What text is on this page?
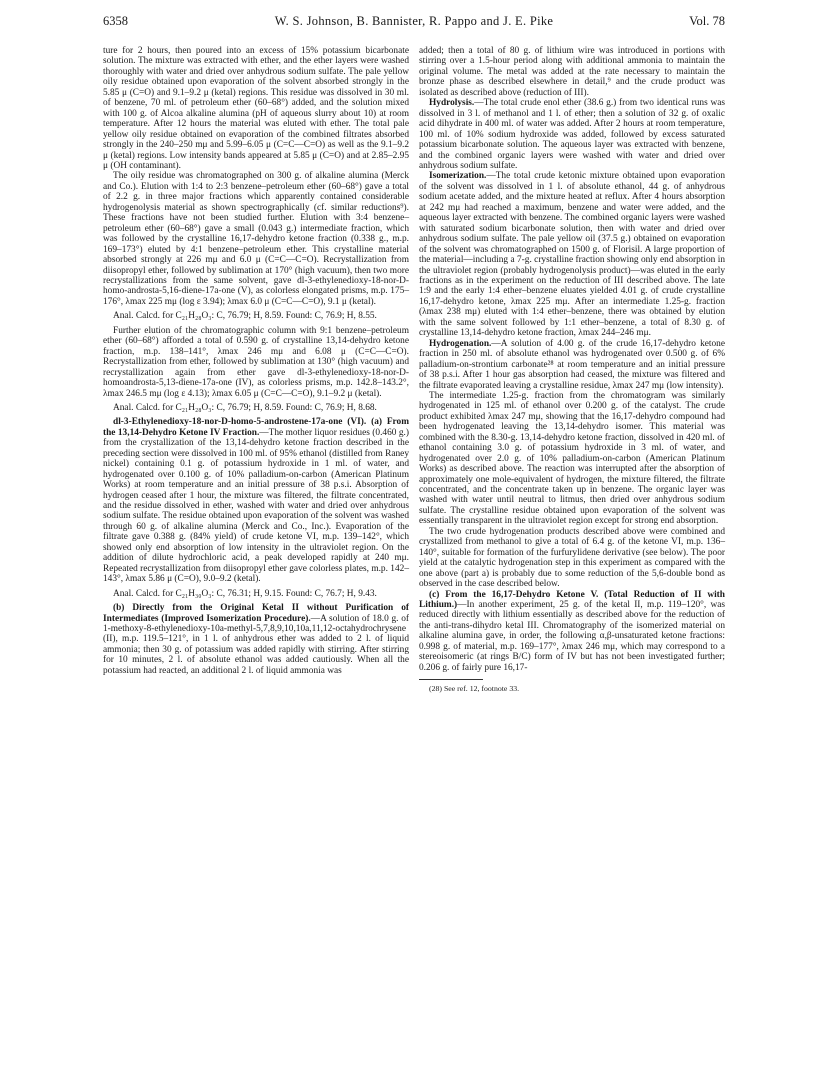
6358	W. S. Johnson, B. Bannister, R. Pappo and J. E. Pike	Vol. 78

ture for 2 hours, then poured into an excess of 15% potassium bicarbonate solution. The mixture was extracted with ether, and the ether layers were washed thoroughly with water and dried over anhydrous sodium sulfate. The pale yellow oily residue obtained upon evaporation of the solvent absorbed strongly in the 5.85 μ (C=O) and 9.1–9.2 μ (ketal) regions. This residue was dissolved in 30 ml. of benzene, 70 ml. of petroleum ether (60–68°) added, and the solution mixed with 100 g. of Alcoa alkaline alumina (pH of aqueous slurry about 10) at room temperature. After 12 hours the material was eluted with ether. The total pale yellow oily residue obtained on evaporation of the combined filtrates absorbed strongly in the 240–250 mμ and 5.99–6.05 μ (C=C—C=O) as well as the 9.1–9.2 μ (ketal) regions. Low intensity bands appeared at 5.85 μ (C=O) and at 2.85–2.95 μ (OH contaminant).

The oily residue was chromatographed on 300 g. of alkaline alumina (Merck and Co.). Elution with 1:4 to 2:3 benzene–petroleum ether (60–68°) gave a total of 2.2 g. in three major fractions which apparently contained considerable hydrogenolysis material as shown spectrographically (cf. similar reductions⁹). These fractions have not been studied further. Elution with 3:4 benzene–petroleum ether (60–68°) gave a small (0.043 g.) intermediate fraction, which was followed by the crystalline 16,17-dehydro ketone fraction (0.338 g., m.p. 169–173°) eluted by 4:1 benzene–petroleum ether. This crystalline material absorbed strongly at 226 mμ and 6.0 μ (C=C—C=O). Recrystallization from diisopropyl ether, followed by sublimation at 170° (high vacuum), then two more recrystallizations from the same solvent, gave dl-3-ethylenedioxy-18-nor-D-homo-androsta-5,16-diene-17a-one (V), as colorless elongated prisms, m.p. 175–176°, λmax 225 mμ (log ε 3.94); λmax 6.0 μ (C=C—C=O), 9.1 μ (ketal).

Anal. Calcd. for C₂₁H₂₈O₃: C, 76.79; H, 8.59. Found: C, 76.9; H, 8.55.

Further elution of the chromatographic column with 9:1 benzene–petroleum ether (60–68°) afforded a total of 0.590 g. of crystalline 13,14-dehydro ketone fraction, m.p. 138–141°, λmax 246 mμ and 6.08 μ (C=C—C=O). Recrystallization from ether, followed by sublimation at 130° (high vacuum) and recrystallization again from ether gave dl-3-ethylenedioxy-18-nor-D-homoandrosta-5,13-diene-17a-one (IV), as colorless prisms, m.p. 142.8–143.2°, λmax 246.5 mμ (log ε 4.13); λmax 6.05 μ (C=C—C=O), 9.1–9.2 μ (ketal).

Anal. Calcd. for C₂₁H₂₈O₃: C, 76.79; H, 8.59. Found: C, 76.9; H, 8.68.

dl-3-Ethylenedioxy-18-nor-D-homo-5-androstene-17a-one (VI). (a) From the 13,14-Dehydro Ketone IV Fraction.—The mother liquor residues (0.460 g.) from the crystallization of the 13,14-dehydro ketone fraction described in the preceding section were dissolved in 100 ml. of 95% ethanol (distilled from Raney nickel) containing 0.1 g. of potassium hydroxide in 1 ml. of water, and hydrogenated over 0.100 g. of 10% palladium-on-carbon (American Platinum Works) at room temperature and an initial pressure of 38 p.s.i. Absorption of hydrogen ceased after 1 hour, the mixture was filtered, the filtrate concentrated, and the residue dissolved in ether, washed with water and dried over anhydrous sodium sulfate. The residue obtained upon evaporation of the solvent was washed through 60 g. of alkaline alumina (Merck and Co., Inc.). Evaporation of the filtrate gave 0.388 g. (84% yield) of crude ketone VI, m.p. 139–142°, which showed only end absorption of low intensity in the ultraviolet region. On the addition of dilute hydrochloric acid, a peak developed rapidly at 240 mμ. Repeated recrystallization from diisopropyl ether gave colorless plates, m.p. 142–143°, λmax 5.86 μ (C=O), 9.0–9.2 (ketal).

Anal. Calcd. for C₂₁H₃₀O₃: C, 76.31; H, 9.15. Found: C, 76.7; H, 9.43.

(b) Directly from the Original Ketal II without Purification of Intermediates (Improved Isomerization Procedure).—A solution of 18.0 g. of 1-methoxy-8-ethylenedioxy-10a-methyl-5,7,8,9,10,10a,11,12-octahydrochrysene (II), m.p. 119.5–121°, in 1 l. of anhydrous ether was added to 2 l. of liquid ammonia; then 30 g. of potassium was added rapidly with stirring. After stirring for 10 minutes, 2 l. of absolute ethanol was added cautiously. When all the potassium had reacted, an additional 2 l. of liquid ammonia was

added; then a total of 80 g. of lithium wire was introduced in portions with stirring over a 1.5-hour period along with additional ammonia to maintain the original volume. The metal was added at the rate necessary to maintain the bronze phase as described elsewhere in detail,⁹ and the crude product was isolated as described above (reduction of III).

Hydrolysis.—The total crude enol ether (38.6 g.) from two identical runs was dissolved in 3 l. of methanol and 1 l. of ether; then a solution of 32 g. of oxalic acid dihydrate in 400 ml. of water was added. After 2 hours at room temperature, 100 ml. of 10% sodium hydroxide was added, followed by excess saturated potassium bicarbonate solution. The aqueous layer was extracted with benzene, and the combined organic layers were washed with water and dried over anhydrous sodium sulfate.

Isomerization.—The total crude ketonic mixture obtained upon evaporation of the solvent was dissolved in 1 l. of absolute ethanol, 44 g. of anhydrous sodium acetate added, and the mixture heated at reflux. After 4 hours absorption at 242 mμ had reached a maximum, benzene and water were added, and the aqueous layer extracted with benzene. The combined organic layers were washed with saturated sodium bicarbonate solution, then with water and dried over anhydrous sodium sulfate. The pale yellow oil (37.5 g.) obtained on evaporation of the solvent was chromatographed on 1500 g. of Florisil. A large proportion of the material—including a 7-g. crystalline fraction showing only end absorption in the ultraviolet region (probably hydrogenolysis product)—was eluted in the early fractions as in the experiment on the reduction of III described above. The late 1:9 and the early 1:4 ether–benzene eluates yielded 4.01 g. of crude crystalline 16,17-dehydro ketone, λmax 225 mμ. After an intermediate 1.25-g. fraction (λmax 238 mμ) eluted with 1:4 ether–benzene, there was obtained by elution with the same solvent followed by 1:1 ether–benzene, a total of 8.30 g. of crystalline 13,14-dehydro ketone fraction, λmax 244–246 mμ.

Hydrogenation.—A solution of 4.00 g. of the crude 16,17-dehydro ketone fraction in 250 ml. of absolute ethanol was hydrogenated over 0.500 g. of 6% palladium-on-strontium carbonate²⁸ at room temperature and an initial pressure of 38 p.s.i. After 1 hour gas absorption had ceased, the mixture was filtered and the filtrate evaporated leaving a crystalline residue, λmax 247 mμ (low intensity).

The intermediate 1.25-g. fraction from the chromatogram was similarly hydrogenated in 125 ml. of ethanol over 0.200 g. of the catalyst. The crude product exhibited λmax 247 mμ, showing that the 16,17-dehydro compound had been hydrogenated leaving the 13,14-dehydro isomer. This material was combined with the 8.30-g. 13,14-dehydro ketone fraction, dissolved in 420 ml. of ethanol containing 3.0 g. of potassium hydroxide in 3 ml. of water, and hydrogenated over 2.0 g. of 10% palladium-on-carbon (American Platinum Works) as described above. The reaction was interrupted after the absorption of approximately one mole-equivalent of hydrogen, the mixture filtered, the filtrate concentrated, and the concentrate taken up in benzene. The organic layer was washed with water until neutral to litmus, then dried over anhydrous sodium sulfate. The crystalline residue obtained upon evaporation of the solvent was essentially transparent in the ultraviolet region except for strong end absorption.

The two crude hydrogenation products described above were combined and crystallized from methanol to give a total of 6.4 g. of the ketone VI, m.p. 136–140°, suitable for formation of the furfurylidene derivative (see below). The poor yield at the catalytic hydrogenation step in this experiment as compared with the one above (part a) is probably due to some reduction of the 5,6-double bond as observed in the case described below.

(c) From the 16,17-Dehydro Ketone V. (Total Reduction of II with Lithium.)—In another experiment, 25 g. of the ketal II, m.p. 119–120°, was reduced directly with lithium essentially as described above for the reduction of the anti-trans-dihydro ketal III. Chromatography of the isomerized material on alkaline alumina gave, in order, the following α,β-unsaturated ketone fractions: 0.998 g. of material, m.p. 169–177°, λmax 246 mμ, which may correspond to a stereoisomeric (at rings B/C) form of IV but has not been investigated further; 0.206 g. of fairly pure 16,17-

(28) See ref. 12, footnote 33.
